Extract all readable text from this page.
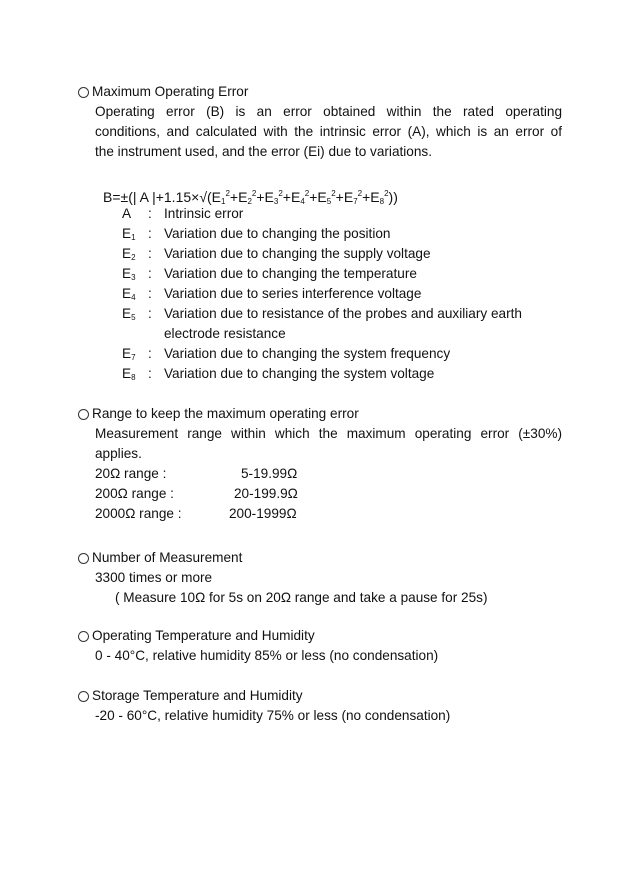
Maximum Operating Error
Operating error (B) is an error obtained within the rated operating
conditions, and calculated with the intrinsic error (A), which is an error of
the instrument used, and the error (Ei) due to variations.
B=±(| A $|+1.15\times√(E_1^2+E_2^2+E_3^2+E_4^2+E_5^2+E_7^2+E_8^2)$)
A	: Intrinsic error
$E_1$ : Variation due to changing the position
$E_2$ : Variation due to changing the supply voltage
$E_3$ : Variation due to changing the temperature
$E_4$ : Variation due to series interference voltage
$E_5$ : Variation due to resistance of the probes and auxiliary earth
electrode resistance
$E_7$ : Variation due to changing the system frequency
$E_8$ : Variation due to changing the system voltage
Range to keep the maximum operating error
Measurement range within which the maximum operating error (±30%)
applies.
20Ω range :	5-19.99Ω
200Ω range :	20-199.9Ω
2000Ω range :	200-1999Ω
Number of Measurement
3300 times or more
( Measure 10Ω for 5s on 20Ω range and take a pause for 25s)
Operating Temperature and Humidity
0 - 40°C, relative humidity 85% or less (no condensation)
Storage Temperature and Humidity
-20 - 60°C, relative humidity 75% or less (no condensation)
